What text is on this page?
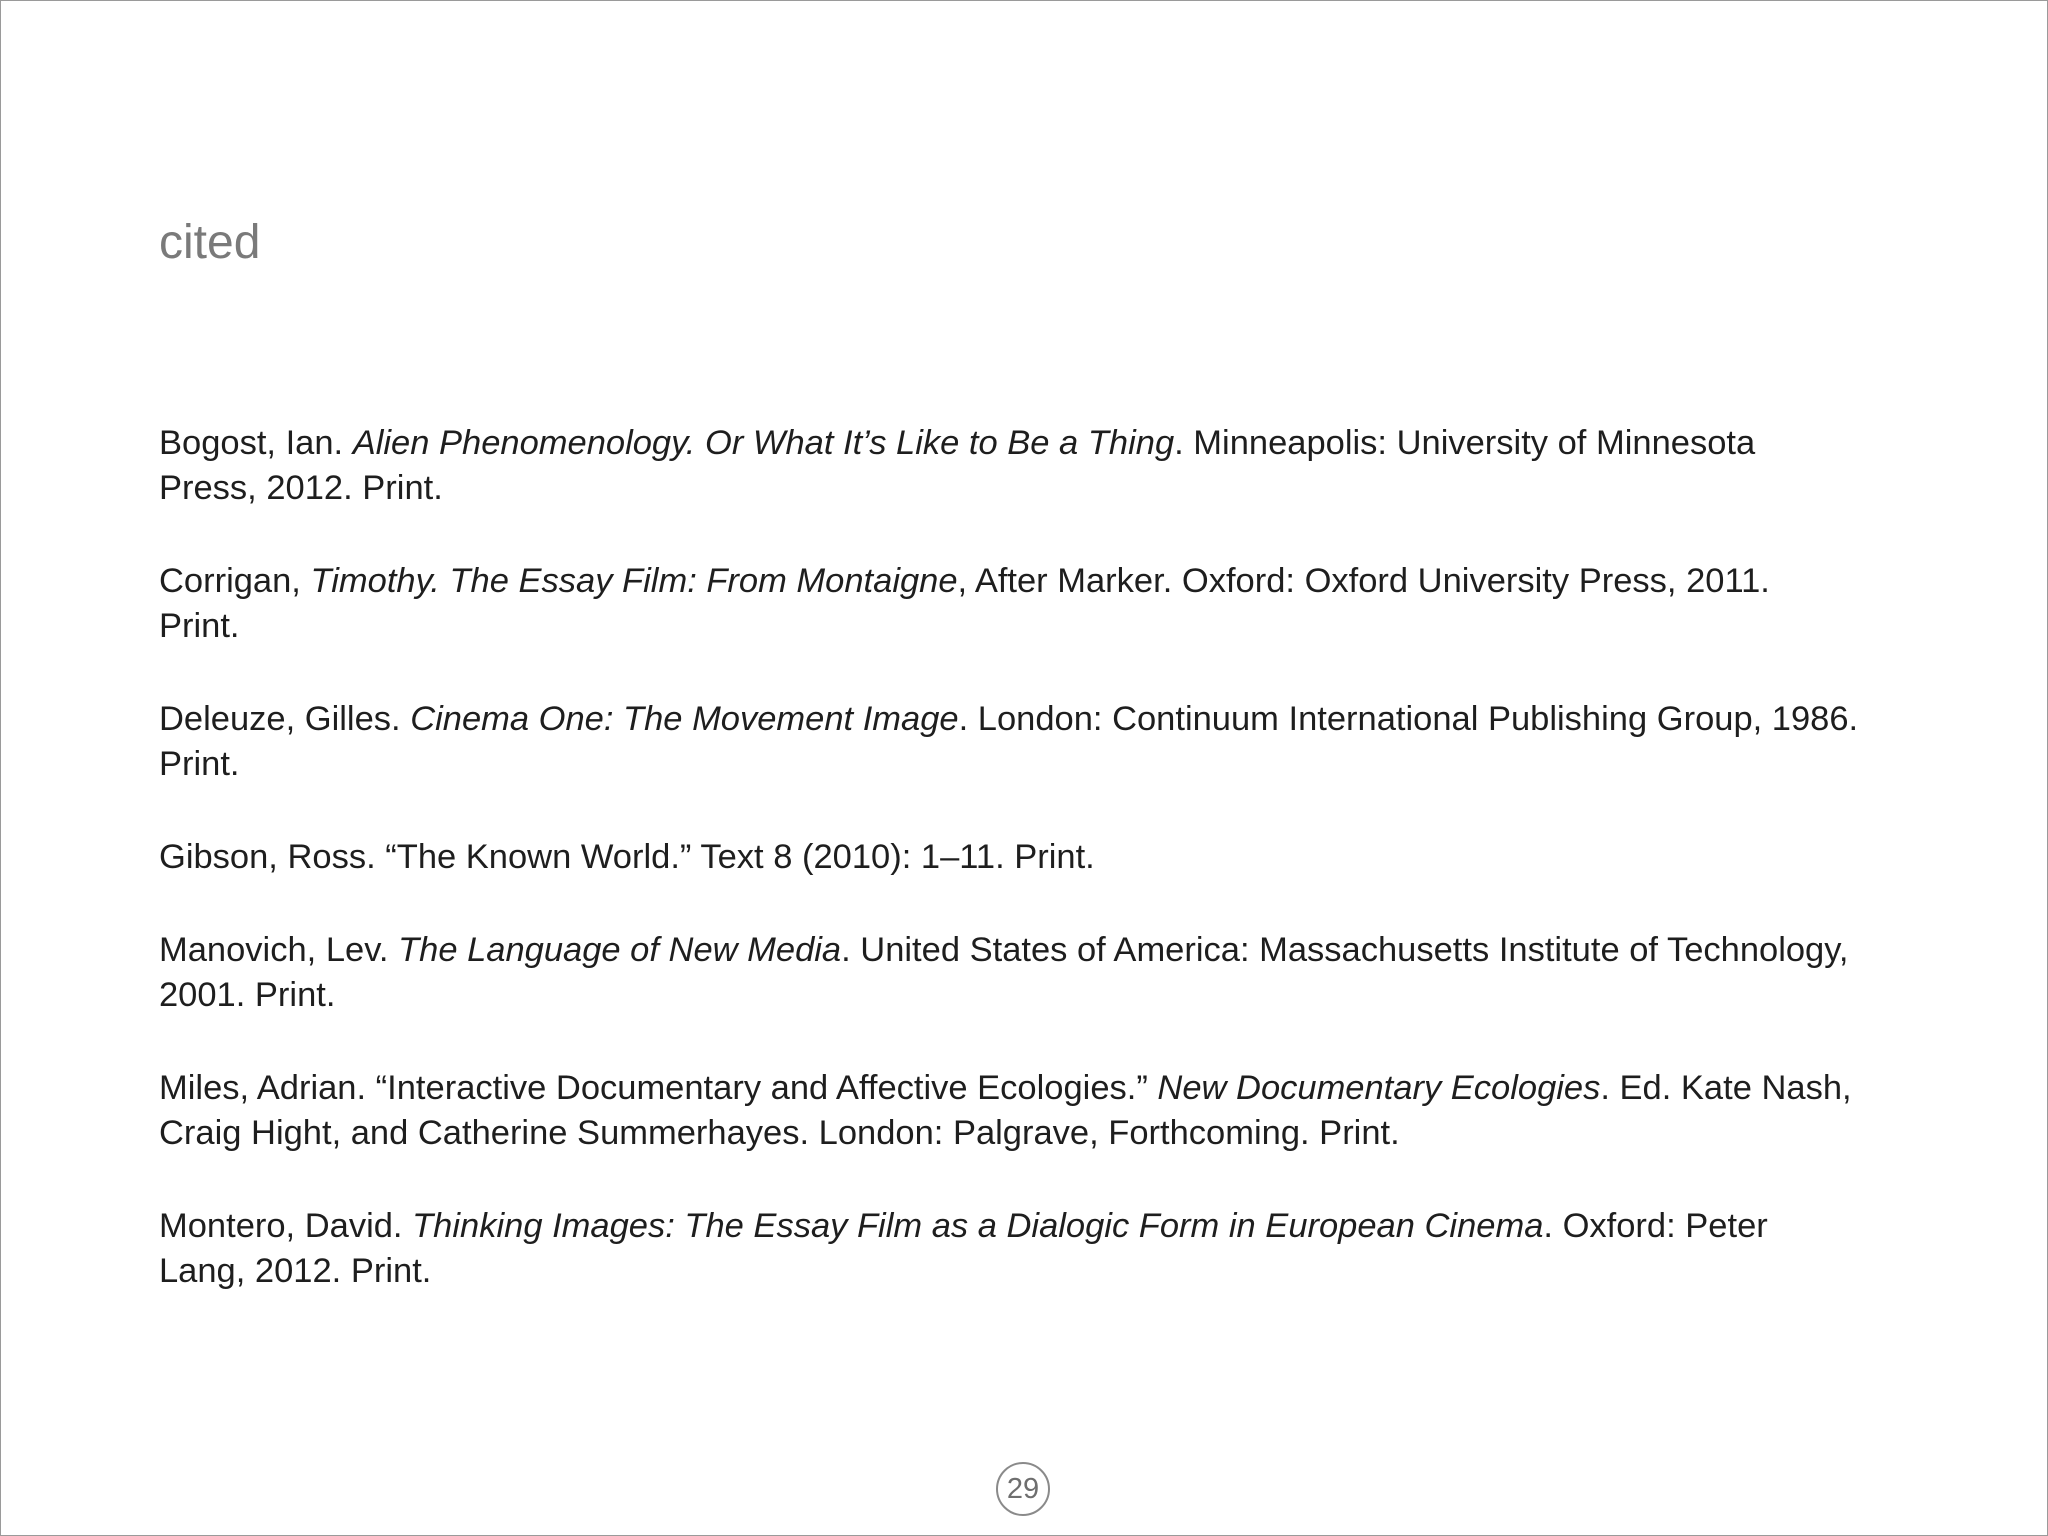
cited
Bogost, Ian. Alien Phenomenology. Or What It’s Like to Be a Thing. Minneapolis: University of Minnesota Press, 2012. Print.
Corrigan, Timothy. The Essay Film: From Montaigne, After Marker. Oxford: Oxford University Press, 2011. Print.
Deleuze, Gilles. Cinema One: The Movement Image. London: Continuum International Publishing Group, 1986. Print.
Gibson, Ross. “The Known World.” Text 8 (2010): 1–11. Print.
Manovich, Lev. The Language of New Media. United States of America: Massachusetts Institute of Technology, 2001. Print.
Miles, Adrian. “Interactive Documentary and Affective Ecologies.” New Documentary Ecologies. Ed. Kate Nash, Craig Hight, and Catherine Summerhayes. London: Palgrave, Forthcoming. Print.
Montero, David. Thinking Images: The Essay Film as a Dialogic Form in European Cinema. Oxford: Peter Lang, 2012. Print.
29
